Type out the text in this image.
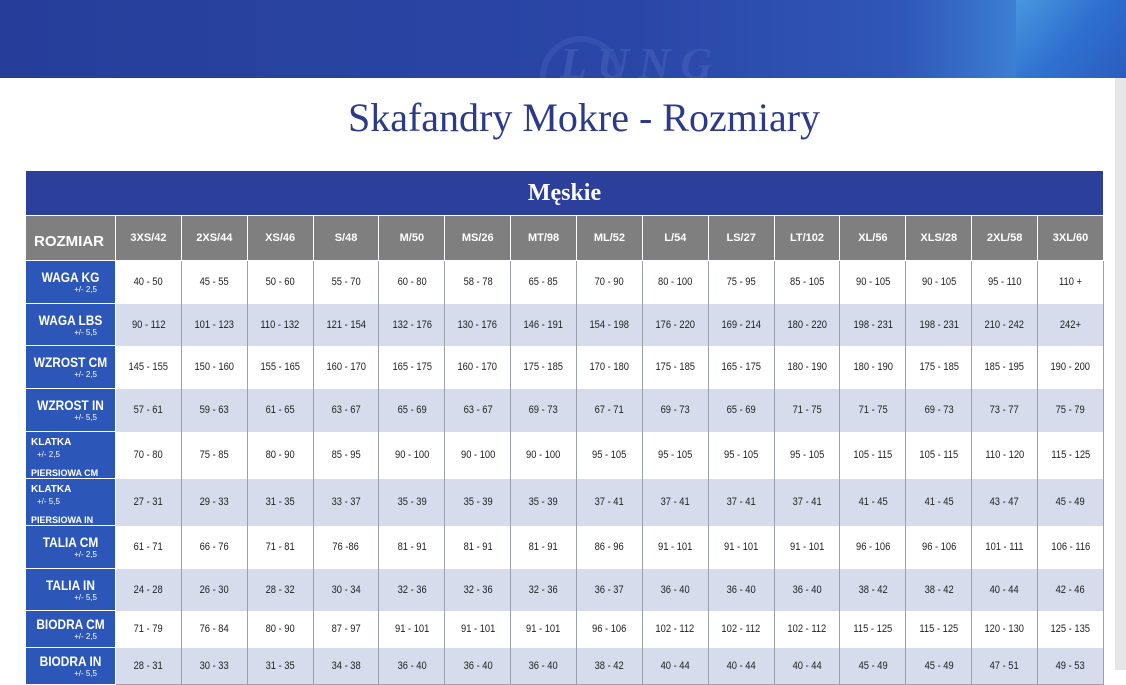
LUNG
Skafandry Mokre - Rozmiary
Męskie															
ROZMIAR	3XS/42	2XS/44	XS/46	S/48	M/50	MS/26	MT/98	ML/52	L/54	LS/27	LT/102	XL/56	XLS/28	2XL/58	3XL/60

WAGA KG
+/- 2,5	40 - 50	45 - 55	50 - 60	55 - 70	60 - 80	58 - 78	65 - 85	70 - 90	80 - 100	75 - 95	85 - 105	90 - 105	90 - 105	95 - 110	110 +

WAGA LBS
+/- 5,5	90 - 112	101 - 123	110 - 132	121 - 154	132 - 176	130 - 176	146 - 191	154 - 198	176 - 220	169 - 214	180 - 220	198 - 231	198 - 231	210 - 242	242+

WZROST CM
+/- 2,5	145 - 155	150 - 160	155 - 165	160 - 170	165 - 175	160 - 170	175 - 185	170 - 180	175 - 185	165 - 175	180 - 190	180 - 190	175 - 185	185 - 195	190 - 200

WZROST IN
+/- 5,5	57 - 61	59 - 63	61 - 65	63 - 67	65 - 69	63 - 67	69 - 73	67 - 71	69 - 73	65 - 69	71 - 75	71 - 75	69 - 73	73 - 77	75 - 79
KLATKA+/- 2,5
PIERSIOWA CM	70 - 80	75 - 85	80 - 90	85 - 95	90 - 100	90 - 100	90 - 100	95 - 105	95 - 105	95 - 105	95 - 105	105 - 115	105 - 115	110 - 120	115 - 125
KLATKA+/- 5,5
PIERSIOWA IN	27 - 31	29 - 33	31 - 35	33 - 37	35 - 39	35 - 39	35 - 39	37 - 41	37 - 41	37 - 41	37 - 41	41 - 45	41 - 45	43 - 47	45 - 49

TALIA CM
+/- 2,5	61 - 71	66 - 76	71 - 81	76 -86	81 - 91	81 - 91	81 - 91	86 - 96	91 - 101	91 - 101	91 - 101	96 - 106	96 - 106	101 - 111	106 - 116

TALIA IN
+/- 5,5	24 - 28	26 - 30	28 - 32	30 - 34	32 - 36	32 - 36	32 - 36	36 - 37	36 - 40	36 - 40	36 - 40	38 - 42	38 - 42	40 - 44	42 - 46

BIODRA CM
+/- 2,5	71 - 79	76 - 84	80 - 90	87 - 97	91 - 101	91 - 101	91 - 101	96 - 106	102 - 112	102 - 112	102 - 112	115 - 125	115 - 125	120 - 130	125 - 135

BIODRA IN
+/- 5,5	28 - 31	30 - 33	31 - 35	34 - 38	36 - 40	36 - 40	36 - 40	38 - 42	40 - 44	40 - 44	40 - 44	45 - 49	45 - 49	47 - 51	49 - 53
